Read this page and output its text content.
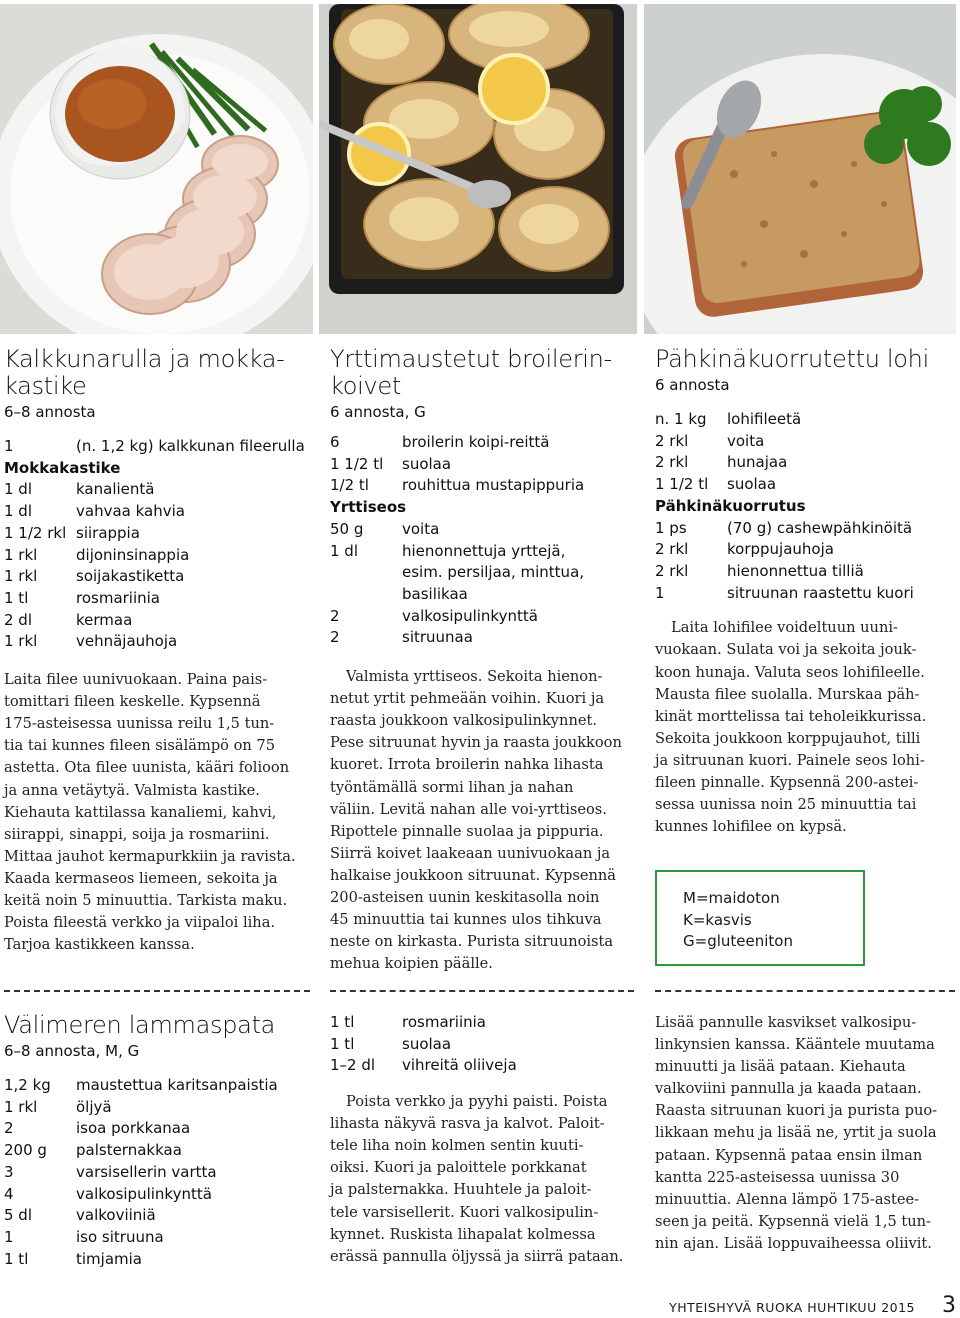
Kalkkunarulla ja mokka-
kastike
6–8 annosta
1	(n. 1,2 kg) kalkkunan fileerulla
Mokkakastike
1 dl	kanalientä
1 dl	vahvaa kahvia
1 1/2 rkl siirappia
1 rkl	dijoninsinappia
1 rkl	soijakastiketta
1 tl	rosmariinia
2 dl	kermaa
1 rkl	vehnäjauhoja

Laita filee uunivuokaan. Paina pais-

tomittari fileen keskelle. Kypsennä

175-asteisessa uunissa reilu 1,5 tun-

tia tai kunnes fileen sisälämpö on 75

astetta. Ota filee uunista, kääri folioon

ja anna vetäytyä. Valmista kastike.

Kiehauta kattilassa kanaliemi, kahvi,

siirappi, sinappi, soija ja rosmariini.

Mittaa jauhot kermapurkkiin ja ravista.

Kaada kermaseos liemeen, sekoita ja

keitä noin 5 minuuttia. Tarkista maku.

Poista fileestä verkko ja viipaloi liha.

Tarjoa kastikkeen kanssa.

Yrttimaustetut broilerin-
koivet
6 annosta, G
6	broilerin koipi-reittä
1 1/2 tl	suolaa
1/2 tl	rouhittua mustapippuria
Yrttiseos
50 g	voita
1 dl	hienonnettuja yrttejä,
esim. persiljaa, minttua,
basilikaa
2	valkosipulinkynttä
2	sitruunaa

Valmista yrttiseos. Sekoita hienon-

netut yrtit pehmeään voihin. Kuori ja

raasta joukkoon valkosipulinkynnet.

Pese sitruunat hyvin ja raasta joukkoon

kuoret. Irrota broilerin nahka lihasta

työntämällä sormi lihan ja nahan

väliin. Levitä nahan alle voi-yrttiseos.

Ripottele pinnalle suolaa ja pippuria.

Siirrä koivet laakeaan uunivuokaan ja

halkaise joukkoon sitruunat. Kypsennä

200-asteisen uunin keskitasolla noin

45 minuuttia tai kunnes ulos tihkuva

neste on kirkasta. Purista sitruunoista

mehua koipien päälle.

Pähkinäkuorrutettu lohi
6 annosta
n. 1 kg	lohifileetä
2 rkl	voita
2 rkl	hunajaa
1 1/2 tl	suolaa
Pähkinäkuorrutus
1 ps	(70 g) cashewpähkinöitä
2 rkl	korppujauhoja
2 rkl	hienonnettua tilliä
1	sitruunan raastettu kuori

Laita lohifilee voideltuun uuni-

vuokaan. Sulata voi ja sekoita jouk-

koon hunaja. Valuta seos lohifileelle.

Mausta filee suolalla. Murskaa päh-

kinät morttelissa tai teholeikkurissa.

Sekoita joukkoon korppujauhot, tilli

ja sitruunan kuori. Painele seos lohi-

fileen pinnalle. Kypsennä 200-astei-

sessa uunissa noin 25 minuuttia tai

kunnes lohifilee on kypsä.

M=maidoton
K=kasvis
G=gluteeniton
Välimeren lammaspata
6–8 annosta, M, G
1,2 kg	maustettua karitsanpaistia
1 rkl	öljyä
2	isoa porkkanaa
200 g	palsternakkaa
3	varsisellerin vartta
4	valkosipulinkynttä
5 dl	valkoviiniä
1	iso sitruuna
1 tl	timjamia
1 tl	rosmariinia
1 tl	suolaa
1–2 dl	vihreitä oliiveja

Poista verkko ja pyyhi paisti. Poista

lihasta näkyvä rasva ja kalvot. Paloit-

tele liha noin kolmen sentin kuuti-

oiksi. Kuori ja paloittele porkkanat

ja palsternakka. Huuhtele ja paloit-

tele varsisellerit. Kuori valkosipulin-

kynnet. Ruskista lihapalat kolmessa

erässä pannulla öljyssä ja siirrä pataan.

Lisää pannulle kasvikset valkosipu-

linkynsien kanssa. Kääntele muutama

minuutti ja lisää pataan. Kiehauta

valkoviini pannulla ja kaada pataan.

Raasta sitruunan kuori ja purista puo-

likkaan mehu ja lisää ne, yrtit ja suola

pataan. Kypsennä pataa ensin ilman

kantta 225-asteisessa uunissa 30

minuuttia. Alenna lämpö 175-astee-

seen ja peitä. Kypsennä vielä 1,5 tun-

nin ajan. Lisää loppuvaiheessa oliivit.

YHTEISHYVÄ RUOKA HUHTIKUU 2015 3
